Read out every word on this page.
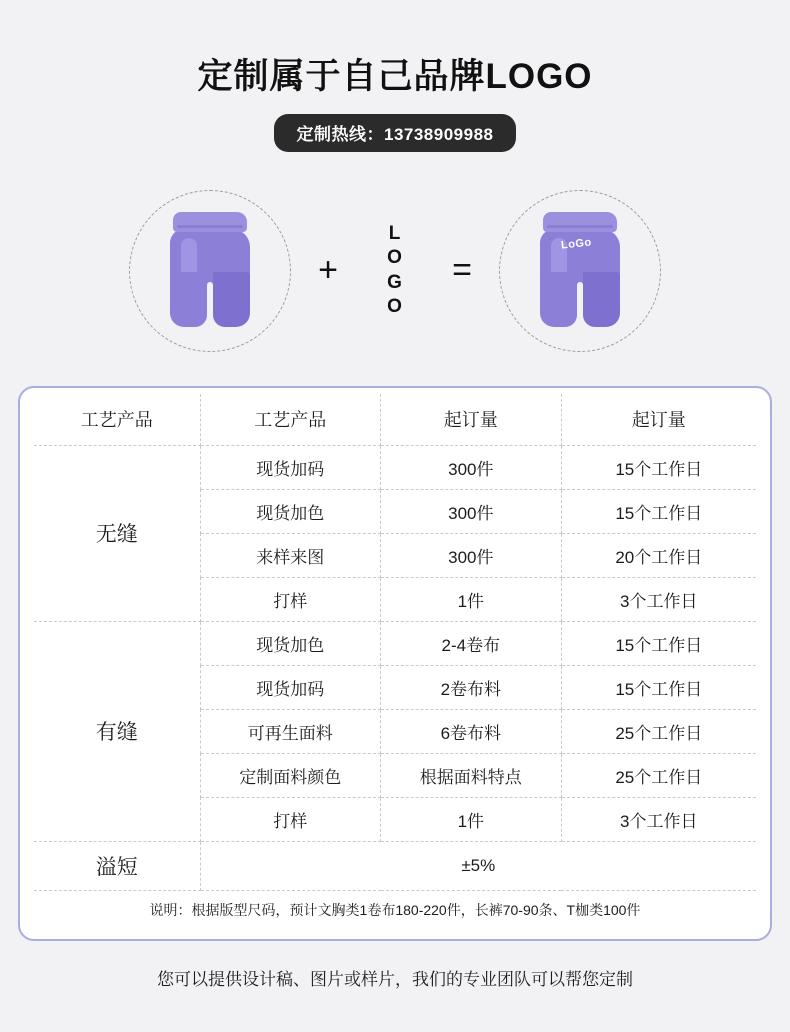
定制属于自己品牌LOGO
定制热线：13738909988
+
L
O
G
O
=
LoGo
工艺产品	工艺产品	起订量	起订量
无缝	现货加码	300件	15个工作日
	现货加色	300件	15个工作日
	来样来图	300件	20个工作日
	打样	1件	3个工作日
有缝	现货加色	2-4卷布	15个工作日
	现货加码	2卷布料	15个工作日
	可再生面料	6卷布料	25个工作日
	定制面料颜色	根据面料特点	25个工作日
	打样	1件	3个工作日
溢短	±5%		
说明：根据版型尺码，预计文胸类1卷布180-220件，长裤70-90条、T枷类100件			
您可以提供设计稿、图片或样片，我们的专业团队可以帮您定制
